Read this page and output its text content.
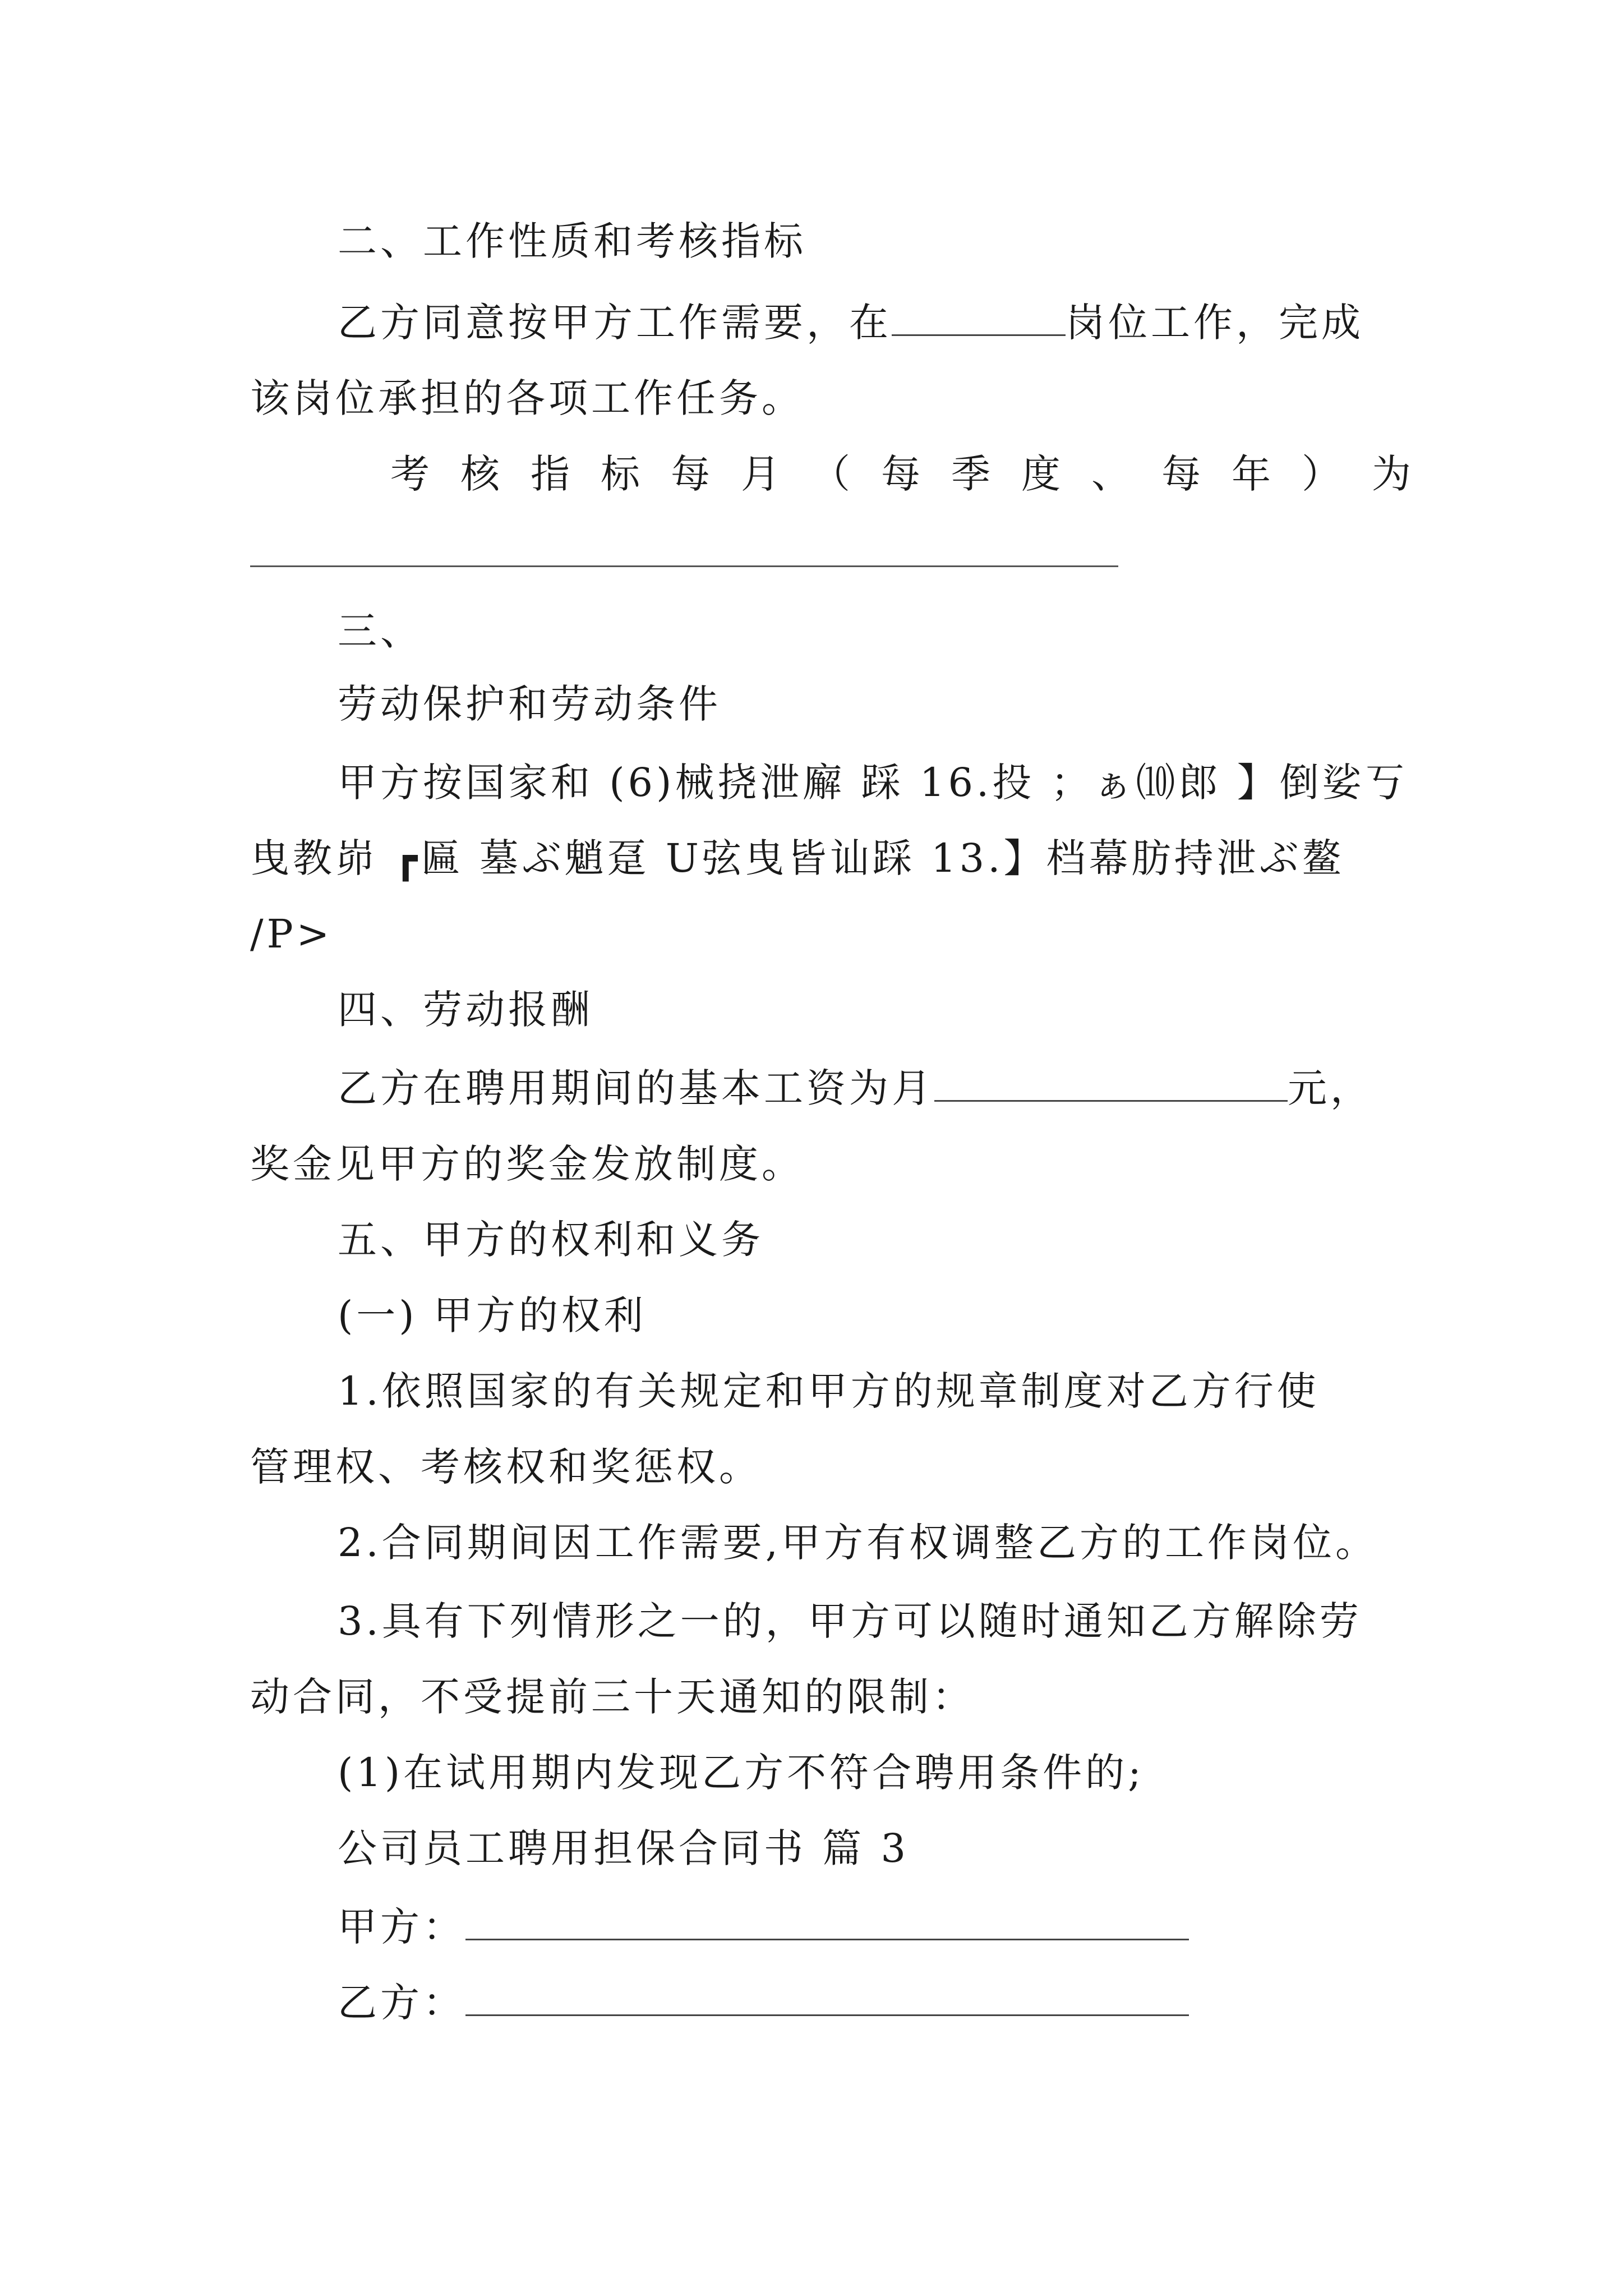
二、工作性质和考核指标
乙方同意按甲方工作需要，在	岗位工作，完成
该岗位承担的各项工作任务。
考核指标每月（每季度、每年）为
三、
劳动保护和劳动条件
甲方按国家和 (6)械挠泄廨 踩 16.投 ；ぁ⑽郎 】倒娑丂
曳教峁 ┏匾 墓ぶ魈趸 U弦曳皆讪踩 13.】档幕肪持泄ぶ鳌
/P>
四、劳动报酬
乙方在聘用期间的基本工资为月	元，
奖金见甲方的奖金发放制度。
五、甲方的权利和义务
(一) 甲方的权利
1.依照国家的有关规定和甲方的规章制度对乙方行使
管理权、考核权和奖惩权。
2.合同期间因工作需要,甲方有权调整乙方的工作岗位。
3.具有下列情形之一的，甲方可以随时通知乙方解除劳
动合同，不受提前三十天通知的限制：
(1)在试用期内发现乙方不符合聘用条件的;
公司员工聘用担保合同书 篇 3
甲方：
乙方：
